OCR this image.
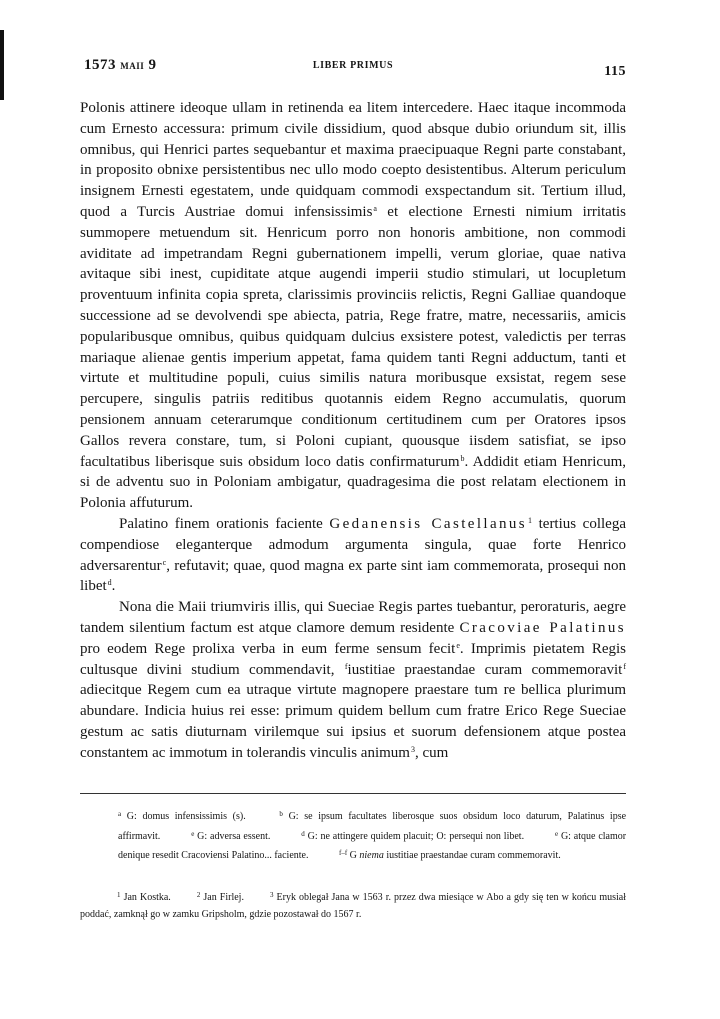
1573 MAII 9	LIBER PRIMUS	115

Polonis attinere ideoque ullam in retinenda ea litem intercedere. Haec itaque incommoda cum Ernesto accessura: primum civile dissidium, quod absque dubio oriundum sit, illis omnibus, qui Henrici partes sequebantur et maxima praecipuaque Regni parte constabant, in proposito obnixe persistentibus nec ullo modo coepto desistentibus. Alterum periculum insignem Ernesti egestatem, unde quidquam commodi exspectandum sit. Tertium illud, quod a Turcis Austriae domui infensissimis$^a$ et electione Ernesti nimium irritatis summopere metuendum sit. Henricum porro non honoris ambitione, non commodi aviditate ad impetrandam Regni gubernationem impelli, verum gloriae, quae nativa avitaque sibi inest, cupiditate atque augendi imperii studio stimulari, ut locupletum proventuum infinita copia spreta, clarissimis provinciis relictis, Regni Galliae quandoque successione ad se devolvendi spe abiecta, patria, Rege fratre, matre, necessariis, amicis popularibusque omnibus, quibus quidquam dulcius exsistere potest, valedictis per terras mariaque alienae gentis imperium appetat, fama quidem tanti Regni adductum, tanti et virtute et multitudine populi, cuius similis natura moribusque exsistat, regem sese percupere, singulis patriis reditibus quotannis eidem Regno accumulatis, quorum pensionem annuam ceterarumque conditionum certitudinem cum per Oratores ipsos Gallos revera constare, tum, si Poloni cupiant, quousque iisdem satisfiat, se ipso facultatibus liberisque suis obsidum loco datis confirmaturum$^b$. Addidit etiam Henricum, si de adventu suo in Poloniam ambigatur, quadragesima die post relatam electionem in Polonia affuturum.

Palatino finem orationis faciente Gedanensis Castellanus$^1$ tertius collega compendiose eleganterque admodum argumenta singula, quae forte Henrico adversarentur$^c$, refutavit; quae, quod magna ex parte sint iam commemorata, prosequi non libet$^d$.

Nona die Maii triumviris illis, qui Sueciae Regis partes tuebantur, peroraturis, aegre tandem silentium factum est atque clamore demum residente Cracoviae Palatinus pro eodem Rege prolixa verba in eum ferme sensum fecit$^e$. Imprimis pietatem Regis cultusque divini studium commendavit, $^f$iustitiae praestandae curam commemoravit$^f$ adiecitque Regem cum ea utraque virtute magnopere praestare tum re bellica plurimum abundare. Indicia huius rei esse: primum quidem bellum cum fratre Erico Rege Sueciae gestum ac satis diuturnam virilemque sui ipsius et suorum defensionem atque postea constantem ac immotum in tolerandis vinculis animum$^3$, cum

$^a$ G: domus infensissimis (s).	$^b$ G: se ipsum facultates liberosque suos obsidum loco daturum, Palatinus ipse affirmavit.	$^e$ G: adversa essent.	$^d$ G: ne attingere quidem placuit; O: persequi non libet.	$^e$ G: atque clamor denique resedit Cracoviensi Palatino... faciente.	$^{f-f}$ G niema iustitiae praestandae curam commemoravit.
$^1$ Jan Kostka.	$^2$ Jan Firlej.	$^3$ Eryk oblegał Jana w 1563 r. przez dwa miesiące w Abo a gdy się ten w końcu musiał poddać, zamknął go w zamku Gripsholm, gdzie pozostawał do 1567 r.
